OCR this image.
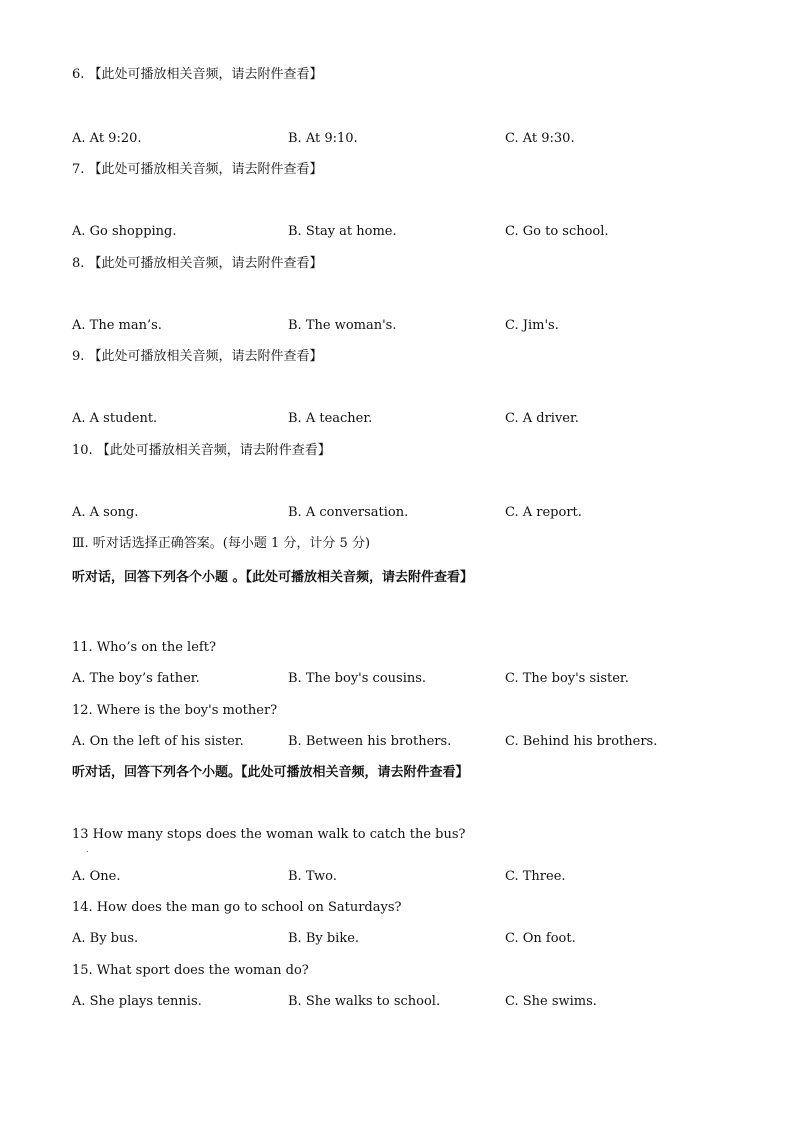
6. 【此处可播放相关音频，请去附件查看】
A. At 9:20.	B. At 9:10.	C. At 9:30.
7. 【此处可播放相关音频，请去附件查看】
A. Go shopping.	B. Stay at home.	C. Go to school.
8. 【此处可播放相关音频，请去附件查看】
A. The man’s.	B. The woman's.	C. Jim's.
9. 【此处可播放相关音频，请去附件查看】
A. A student.	B. A teacher.	C. A driver.
10. 【此处可播放相关音频，请去附件查看】
A. A song.	B. A conversation.	C. A report.
Ⅲ. 听对话选择正确答案。(每小题 1 分，计分 5 分)
听对话，回答下列各个小题 。【此处可播放相关音频，请去附件查看】
11. Who’s on the left?
A. The boy’s father.	B. The boy's cousins.	C. The boy's sister.
12. Where is the boy's mother?
A. On the left of his sister.	B. Between his brothers.	C. Behind his brothers.
听对话，回答下列各个小题。【此处可播放相关音频，请去附件查看】
13 How many stops does the woman walk to catch the bus?
.
A. One.	B. Two.	C. Three.
14. How does the man go to school on Saturdays?
A. By bus.	B. By bike.	C. On foot.
15. What sport does the woman do?
A. She plays tennis.	B. She walks to school.	C. She swims.
